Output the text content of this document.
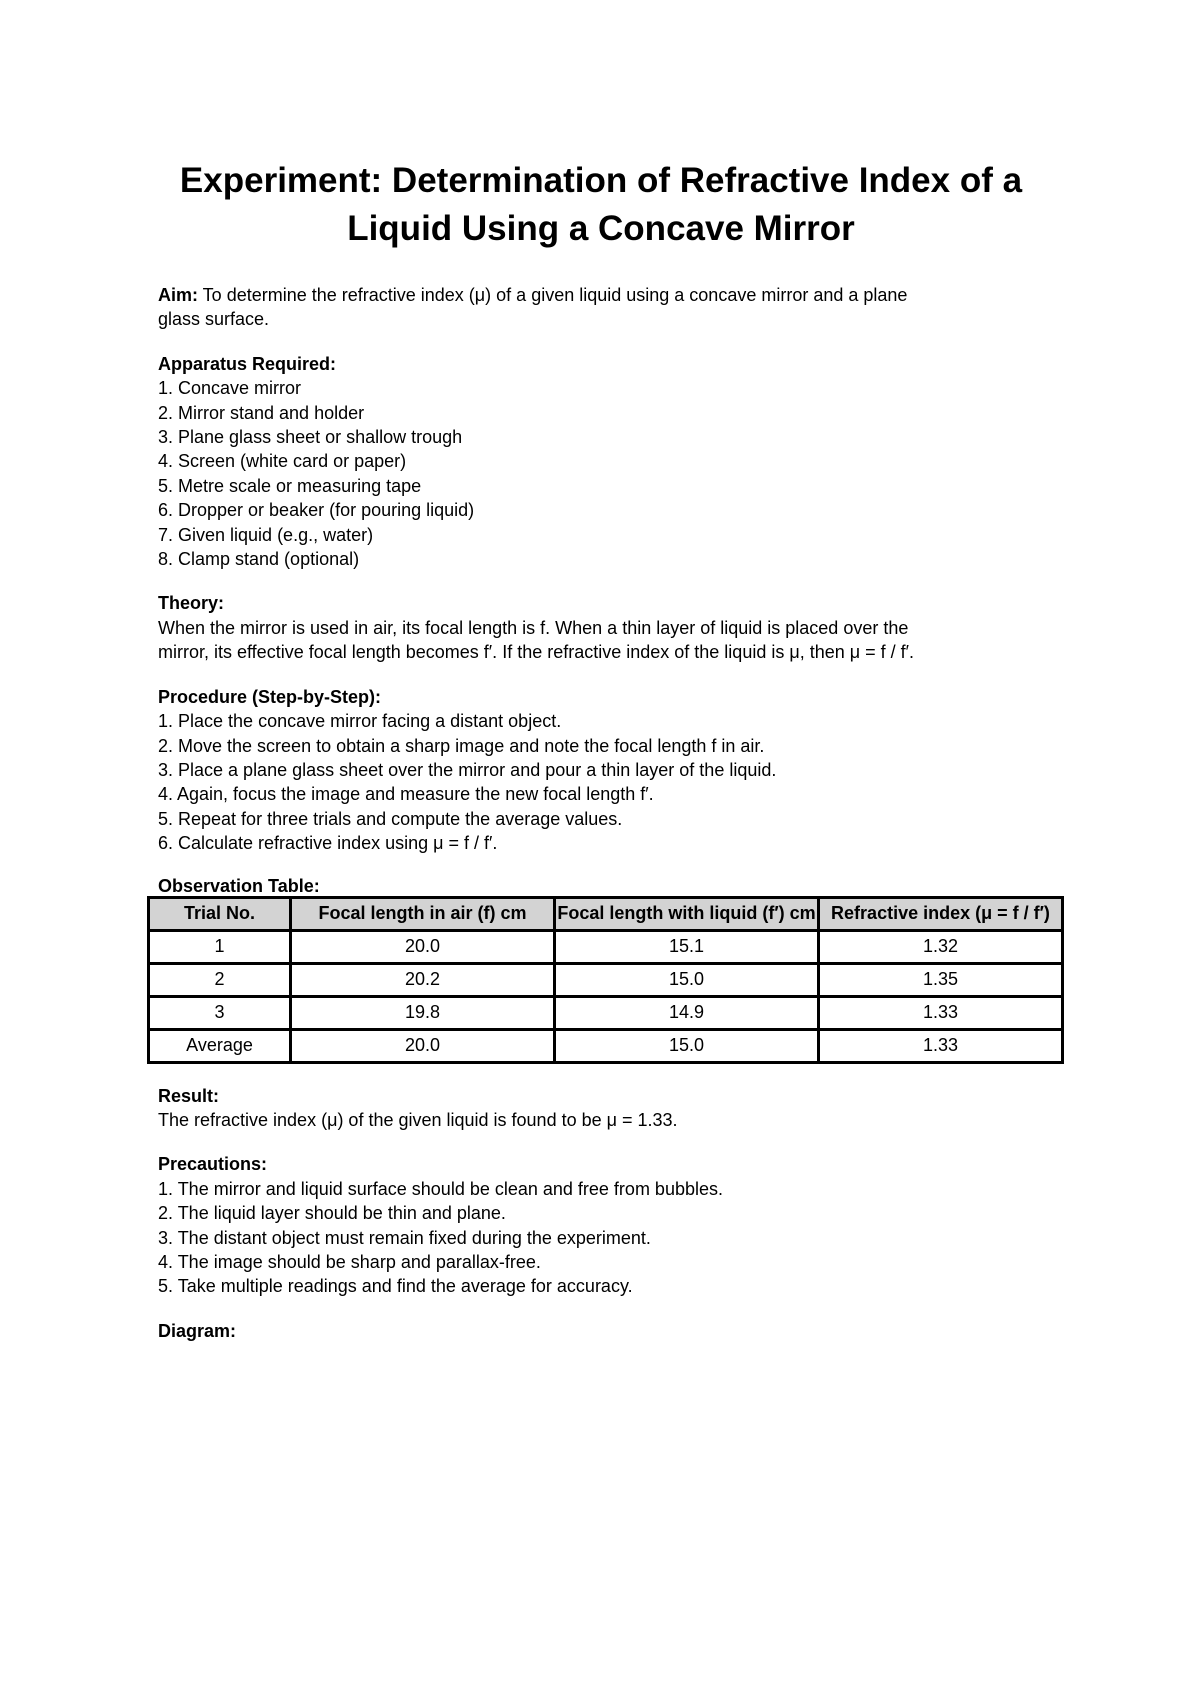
Experiment: Determination of Refractive Index of a
Liquid Using a Concave Mirror
Aim: To determine the refractive index (μ) of a given liquid using a concave mirror and a plane
glass surface.
Apparatus Required:
1. Concave mirror
2. Mirror stand and holder
3. Plane glass sheet or shallow trough
4. Screen (white card or paper)
5. Metre scale or measuring tape
6. Dropper or beaker (for pouring liquid)
7. Given liquid (e.g., water)
8. Clamp stand (optional)
Theory:
When the mirror is used in air, its focal length is f. When a thin layer of liquid is placed over the
mirror, its effective focal length becomes f′. If the refractive index of the liquid is μ, then μ = f / f′.
Procedure (Step-by-Step):
1. Place the concave mirror facing a distant object.
2. Move the screen to obtain a sharp image and note the focal length f in air.
3. Place a plane glass sheet over the mirror and pour a thin layer of the liquid.
4. Again, focus the image and measure the new focal length f′.
5. Repeat for three trials and compute the average values.
6. Calculate refractive index using μ = f / f′.
Observation Table:
Trial No.	Focal length in air (f) cm	Focal length with liquid (f′) cm	Refractive index (μ = f / f′)
1	20.0	15.1	1.32
2	20.2	15.0	1.35
3	19.8	14.9	1.33
Average	20.0	15.0	1.33
Result:
The refractive index (μ) of the given liquid is found to be μ = 1.33.
Precautions:
1. The mirror and liquid surface should be clean and free from bubbles.
2. The liquid layer should be thin and plane.
3. The distant object must remain fixed during the experiment.
4. The image should be sharp and parallax-free.
5. Take multiple readings and find the average for accuracy.
Diagram:
